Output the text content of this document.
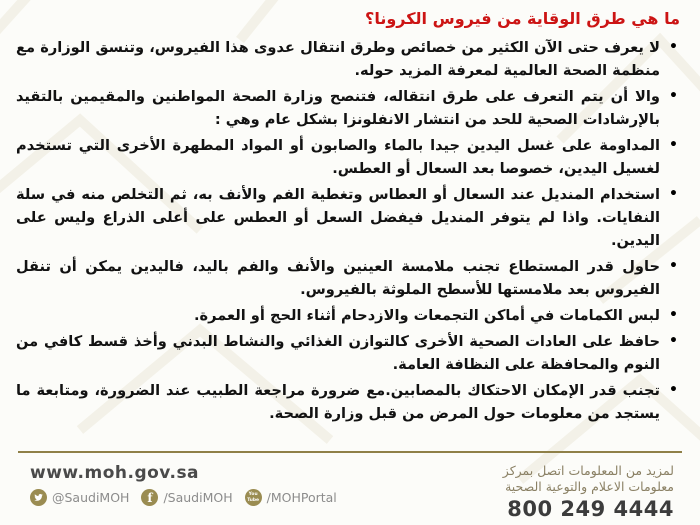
ما هي طرق الوقاية من فيروس الكرونا؟
• لا يعرف حتى الآن الكثير من خصائص وطرق انتقال عدوى هذا الفيروس، وتنسق الوزارة مع منظمة الصحة العالمية لمعرفة المزيد حوله.
• والا أن يتم التعرف على طرق انتقاله، فتنصح وزارة الصحة المواطنين والمقيمين بالتقيد بالإرشادات الصحية للحد من انتشار الانفلونزا بشكل عام وهي :
• المداومة على غسل اليدين جيدا بالماء والصابون أو المواد المطهرة الأخرى التي تستخدم لغسيل اليدين، خصوصا بعد السعال أو العطس.
• استخدام المنديل عند السعال أو العطاس وتغطية الفم والأنف به، ثم التخلص منه في سلة النفايات. واذا لم يتوفر المنديل فيفضل السعل أو العطس على أعلى الذراع وليس على اليدين.
• حاول قدر المستطاع تجنب ملامسة العينين والأنف والفم باليد، فاليدين يمكن أن تنقل الفيروس بعد ملامستها للأسطح الملوثة بالفيروس.
• لبس الكمامات في أماكن التجمعات والازدحام أثناء الحج أو العمرة.
• حافظ على العادات الصحية الأخرى كالتوازن الغذائي والنشاط البدني وأخذ قسط كافي من النوم والمحافظة على النظافة العامة.
• تجنب قدر الإمكان الاحتكاك بالمصابين.مع ضرورة مراجعة الطبيب عند الضرورة، ومتابعة ما يستجد من معلومات حول المرض من قبل وزارة الصحة.
www.moh.gov.sa
@SaudiMOH f /SaudiMOH	You
Tube /MOHPortal
لمزيد من المعلومات اتصل بمركز
معلومات الاعلام والتوعية الصحية
800 249 4444
